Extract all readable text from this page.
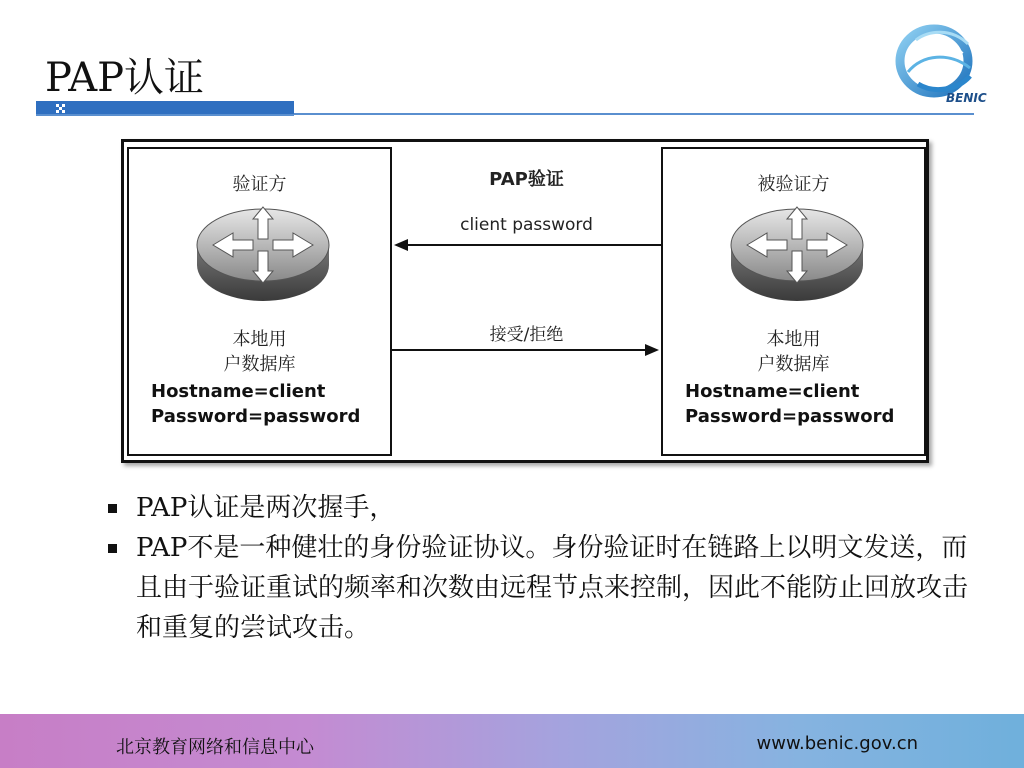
PAP认证	BENIC
验证方
本地用
户数据库
Hostname=client
Password=password
PAP验证
client password
接受/拒绝
被验证方
本地用
户数据库
Hostname=client
Password=password
PAP认证是两次握手，
PAP不是一种健壮的身份验证协议。身份验证时在链路上以明文发送，而且由于验证重试的频率和次数由远程节点来控制，因此不能防止回放攻击和重复的尝试攻击。
北京教育网络和信息中心	www.benic.gov.cn
